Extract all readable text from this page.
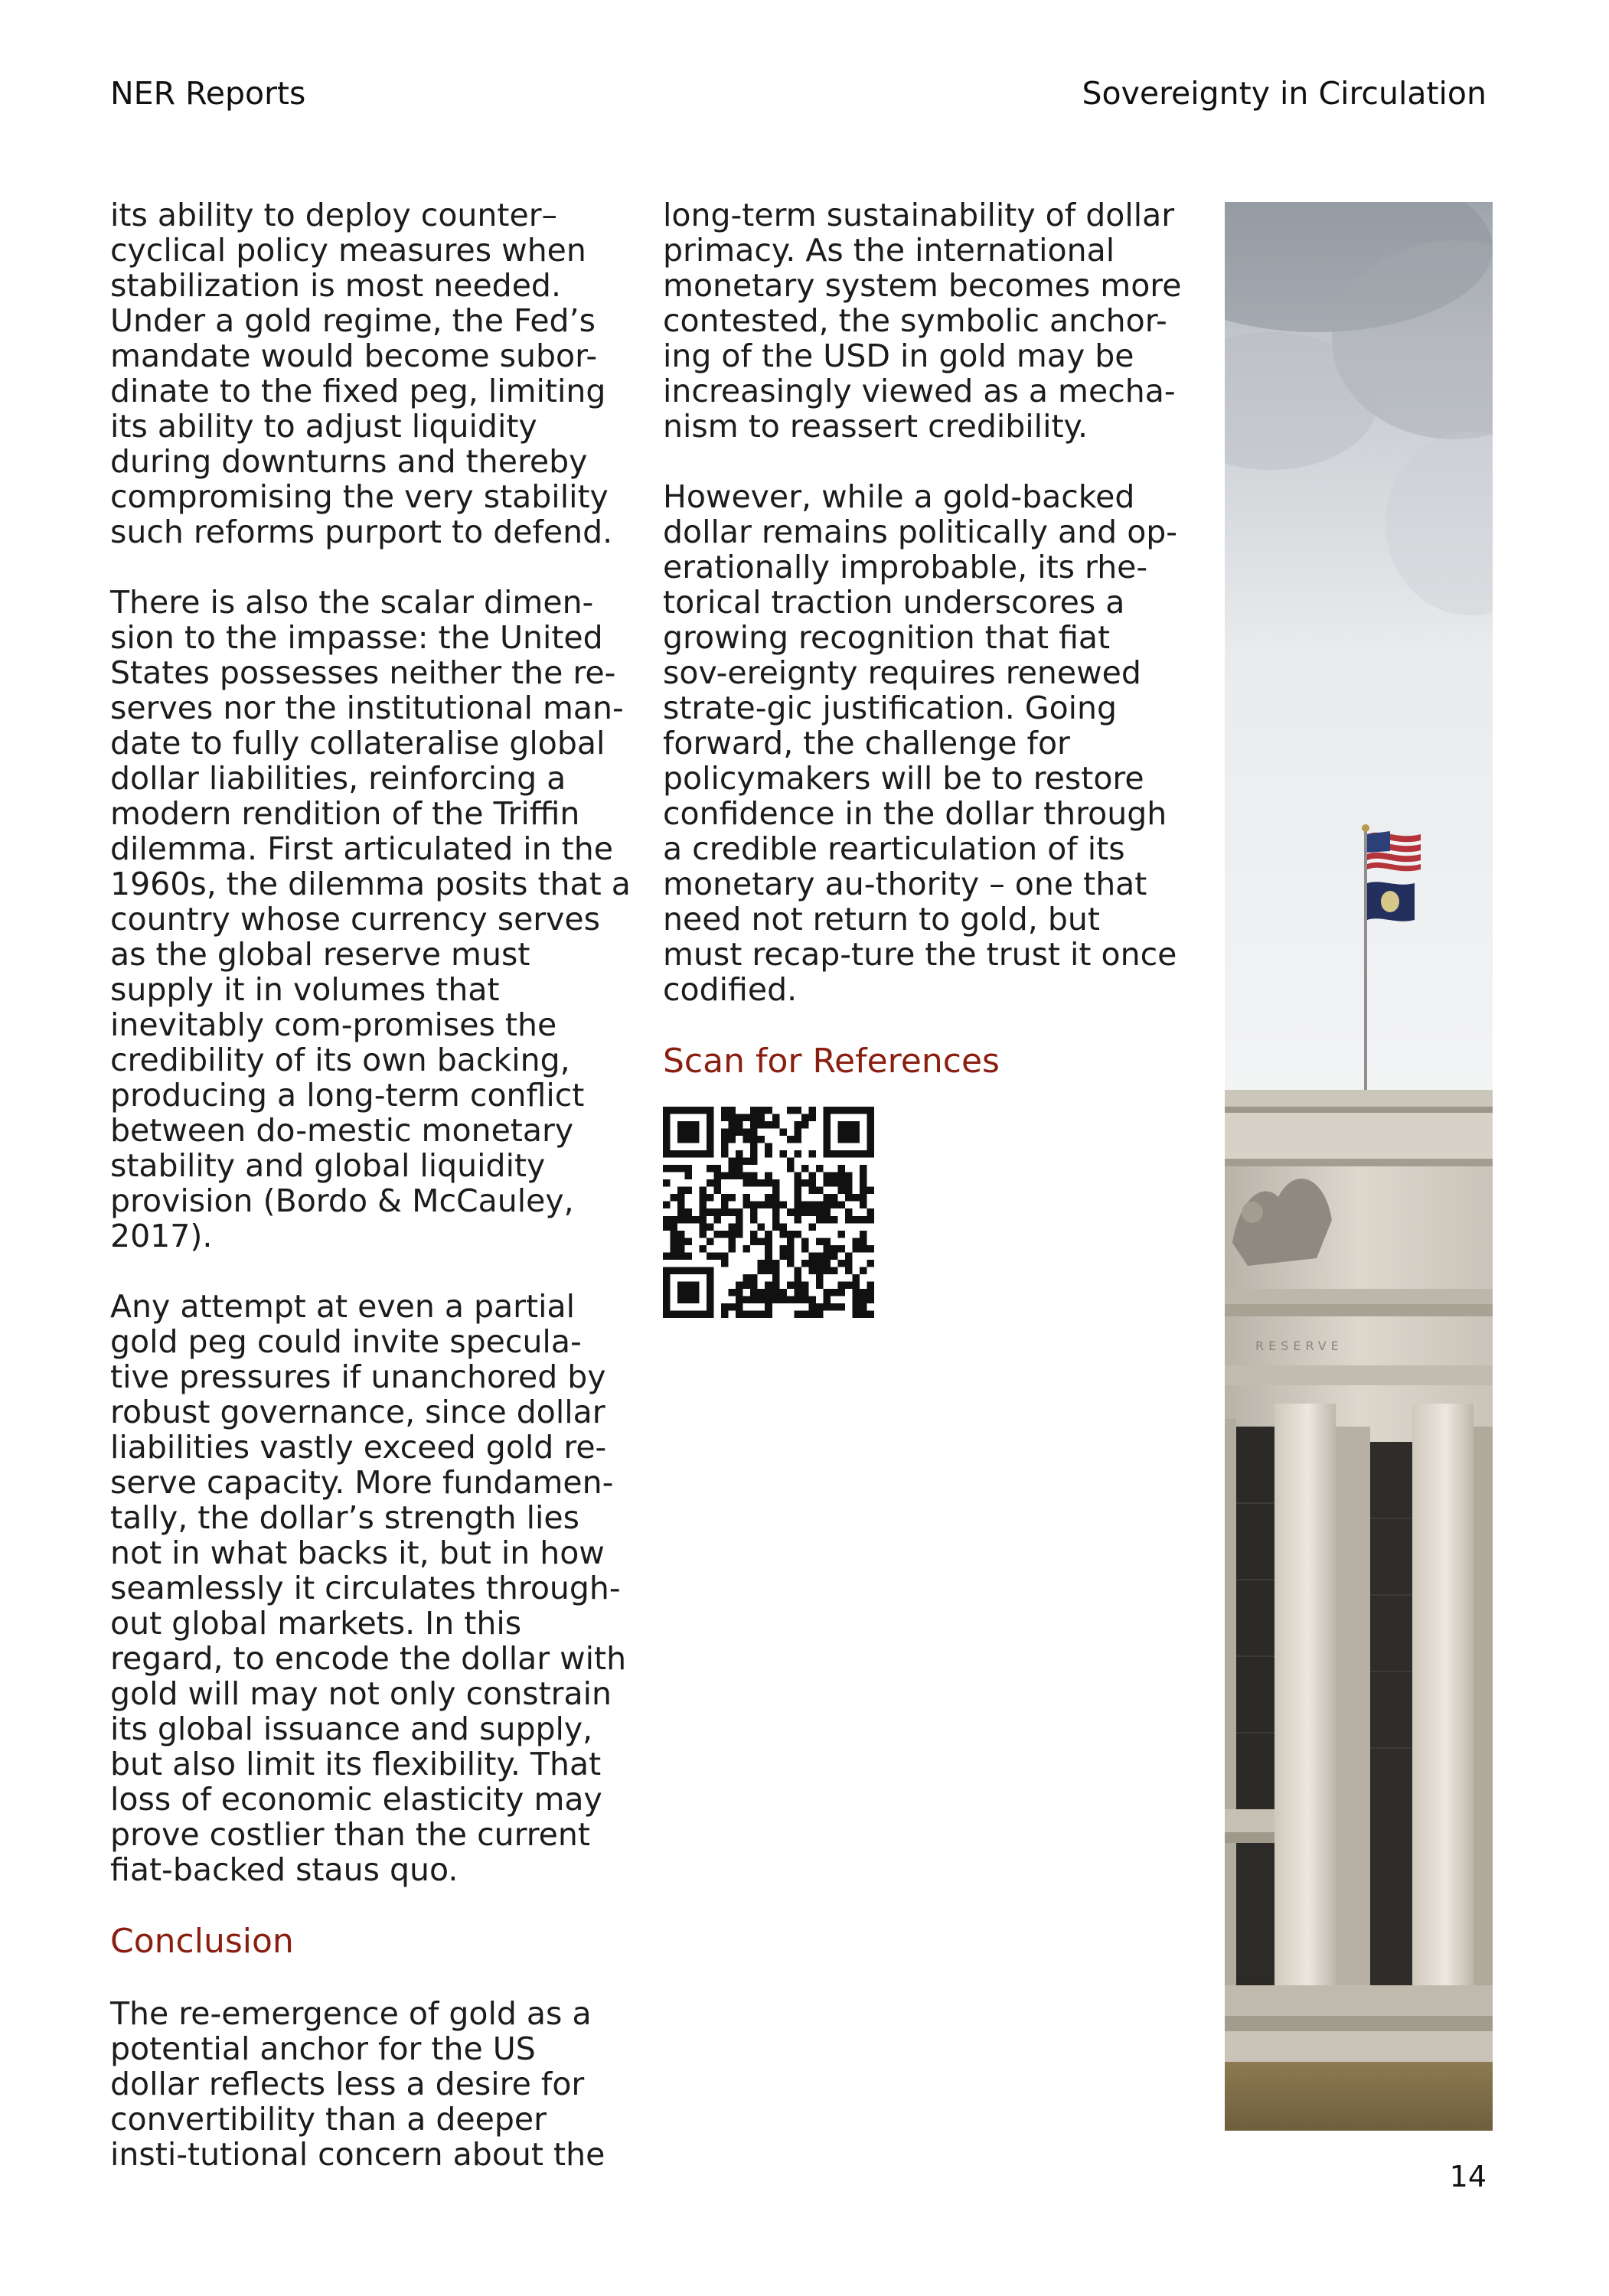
NER Reports	Sovereignty in Circulation

its ability to deploy counter–cyclical policy measures when stabilization is most needed. Under a gold regime, the Fed’s mandate would become subor-dinate to the fixed peg, limiting its ability to adjust liquidity during downturns and thereby compromising the very stability such reforms purport to defend.

There is also the scalar dimen-sion to the impasse: the United States possesses neither the re-serves nor the institutional man-date to fully collateralise global dollar liabilities, reinforcing a modern rendition of the Triffin dilemma. First articulated in the 1960s, the dilemma posits that a country whose currency serves as the global reserve must supply it in volumes that inevitably com-promises the credibility of its own backing, producing a long-term conflict between do-mestic monetary stability and global liquidity provision (Bordo & McCauley, 2017).

Any attempt at even a partial gold peg could invite specula-tive pressures if unanchored by robust governance, since dollar liabilities vastly exceed gold re-serve capacity. More fundamen-tally, the dollar’s strength lies not in what backs it, but in how seamlessly it circulates through-out global markets. In this regard, to encode the dollar with gold will may not only constrain its global issuance and supply, but also limit its flexibility. That loss of economic elasticity may prove costlier than the current fiat-backed staus quo.

Conclusion

The re-emergence of gold as a potential anchor for the US dollar reflects less a desire for convertibility than a deeper insti-tutional concern about the

long-term sustainability of dollar primacy. As the international monetary system becomes more contested, the symbolic anchor-ing of the USD in gold may be increasingly viewed as a mecha-nism to reassert credibility.

However, while a gold-backed dollar remains politically and op-erationally improbable, its rhe-torical traction underscores a growing recognition that fiat sov-ereignty requires renewed strate-gic justification. Going forward, the challenge for policymakers will be to restore confidence in the dollar through a credible rearticulation of its monetary au-thority – one that need not return to gold, but must recap-ture the trust it once codified.

Scan for References
RESERVE
14
